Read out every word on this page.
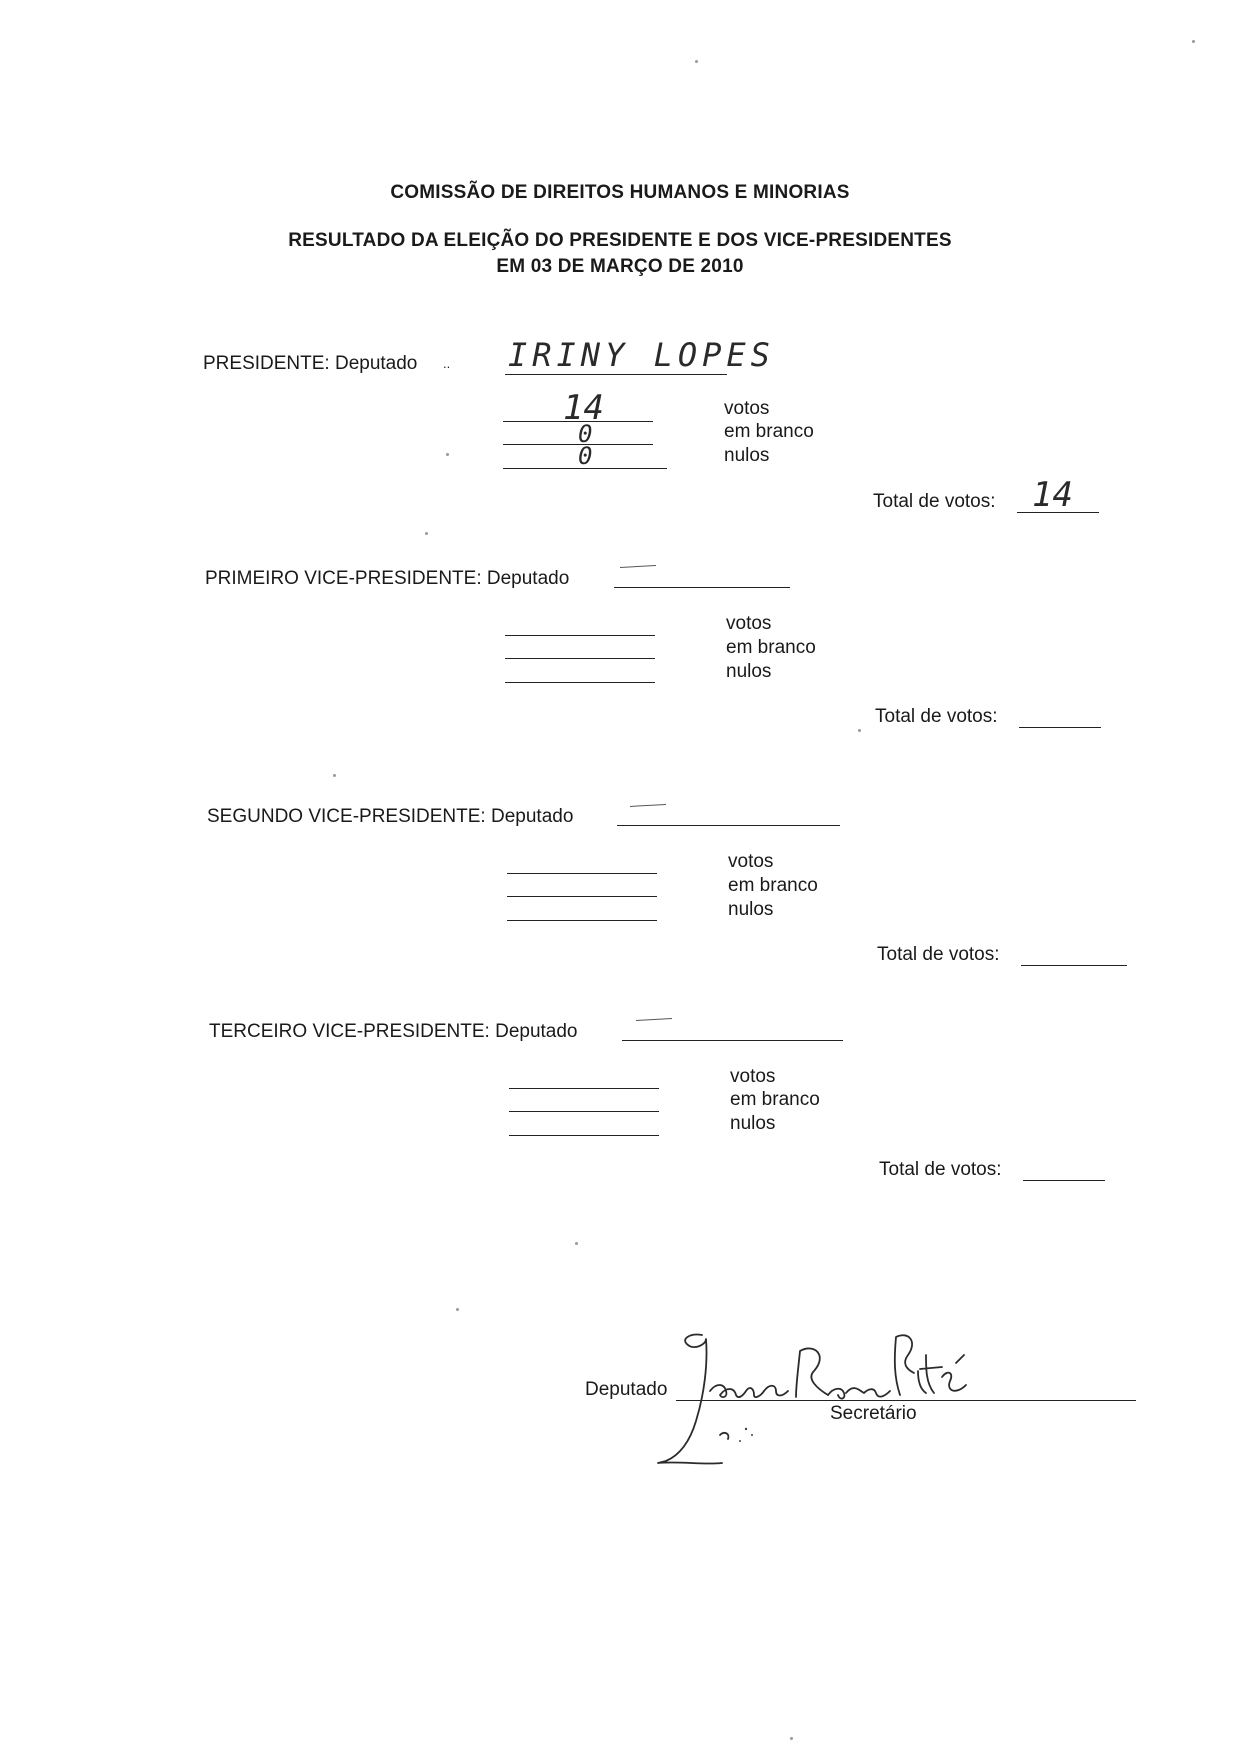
COMISSÃO DE DIREITOS HUMANOS E MINORIAS
RESULTADO DA ELEIÇÃO DO PRESIDENTE E DOS VICE-PRESIDENTES
EM 03 DE MARÇO DE 2010
PRESIDENTE: Deputado .. IRINY LOPES
14	votos
0	em branco
0	nulos
Total de votos: 14
PRIMEIRO VICE-PRESIDENTE: Deputado
votos
em branco
nulos
Total de votos:
SEGUNDO VICE-PRESIDENTE: Deputado
votos
em branco
nulos
Total de votos:
TERCEIRO VICE-PRESIDENTE: Deputado
votos
em branco
nulos
Total de votos:
Deputado
Secretário
